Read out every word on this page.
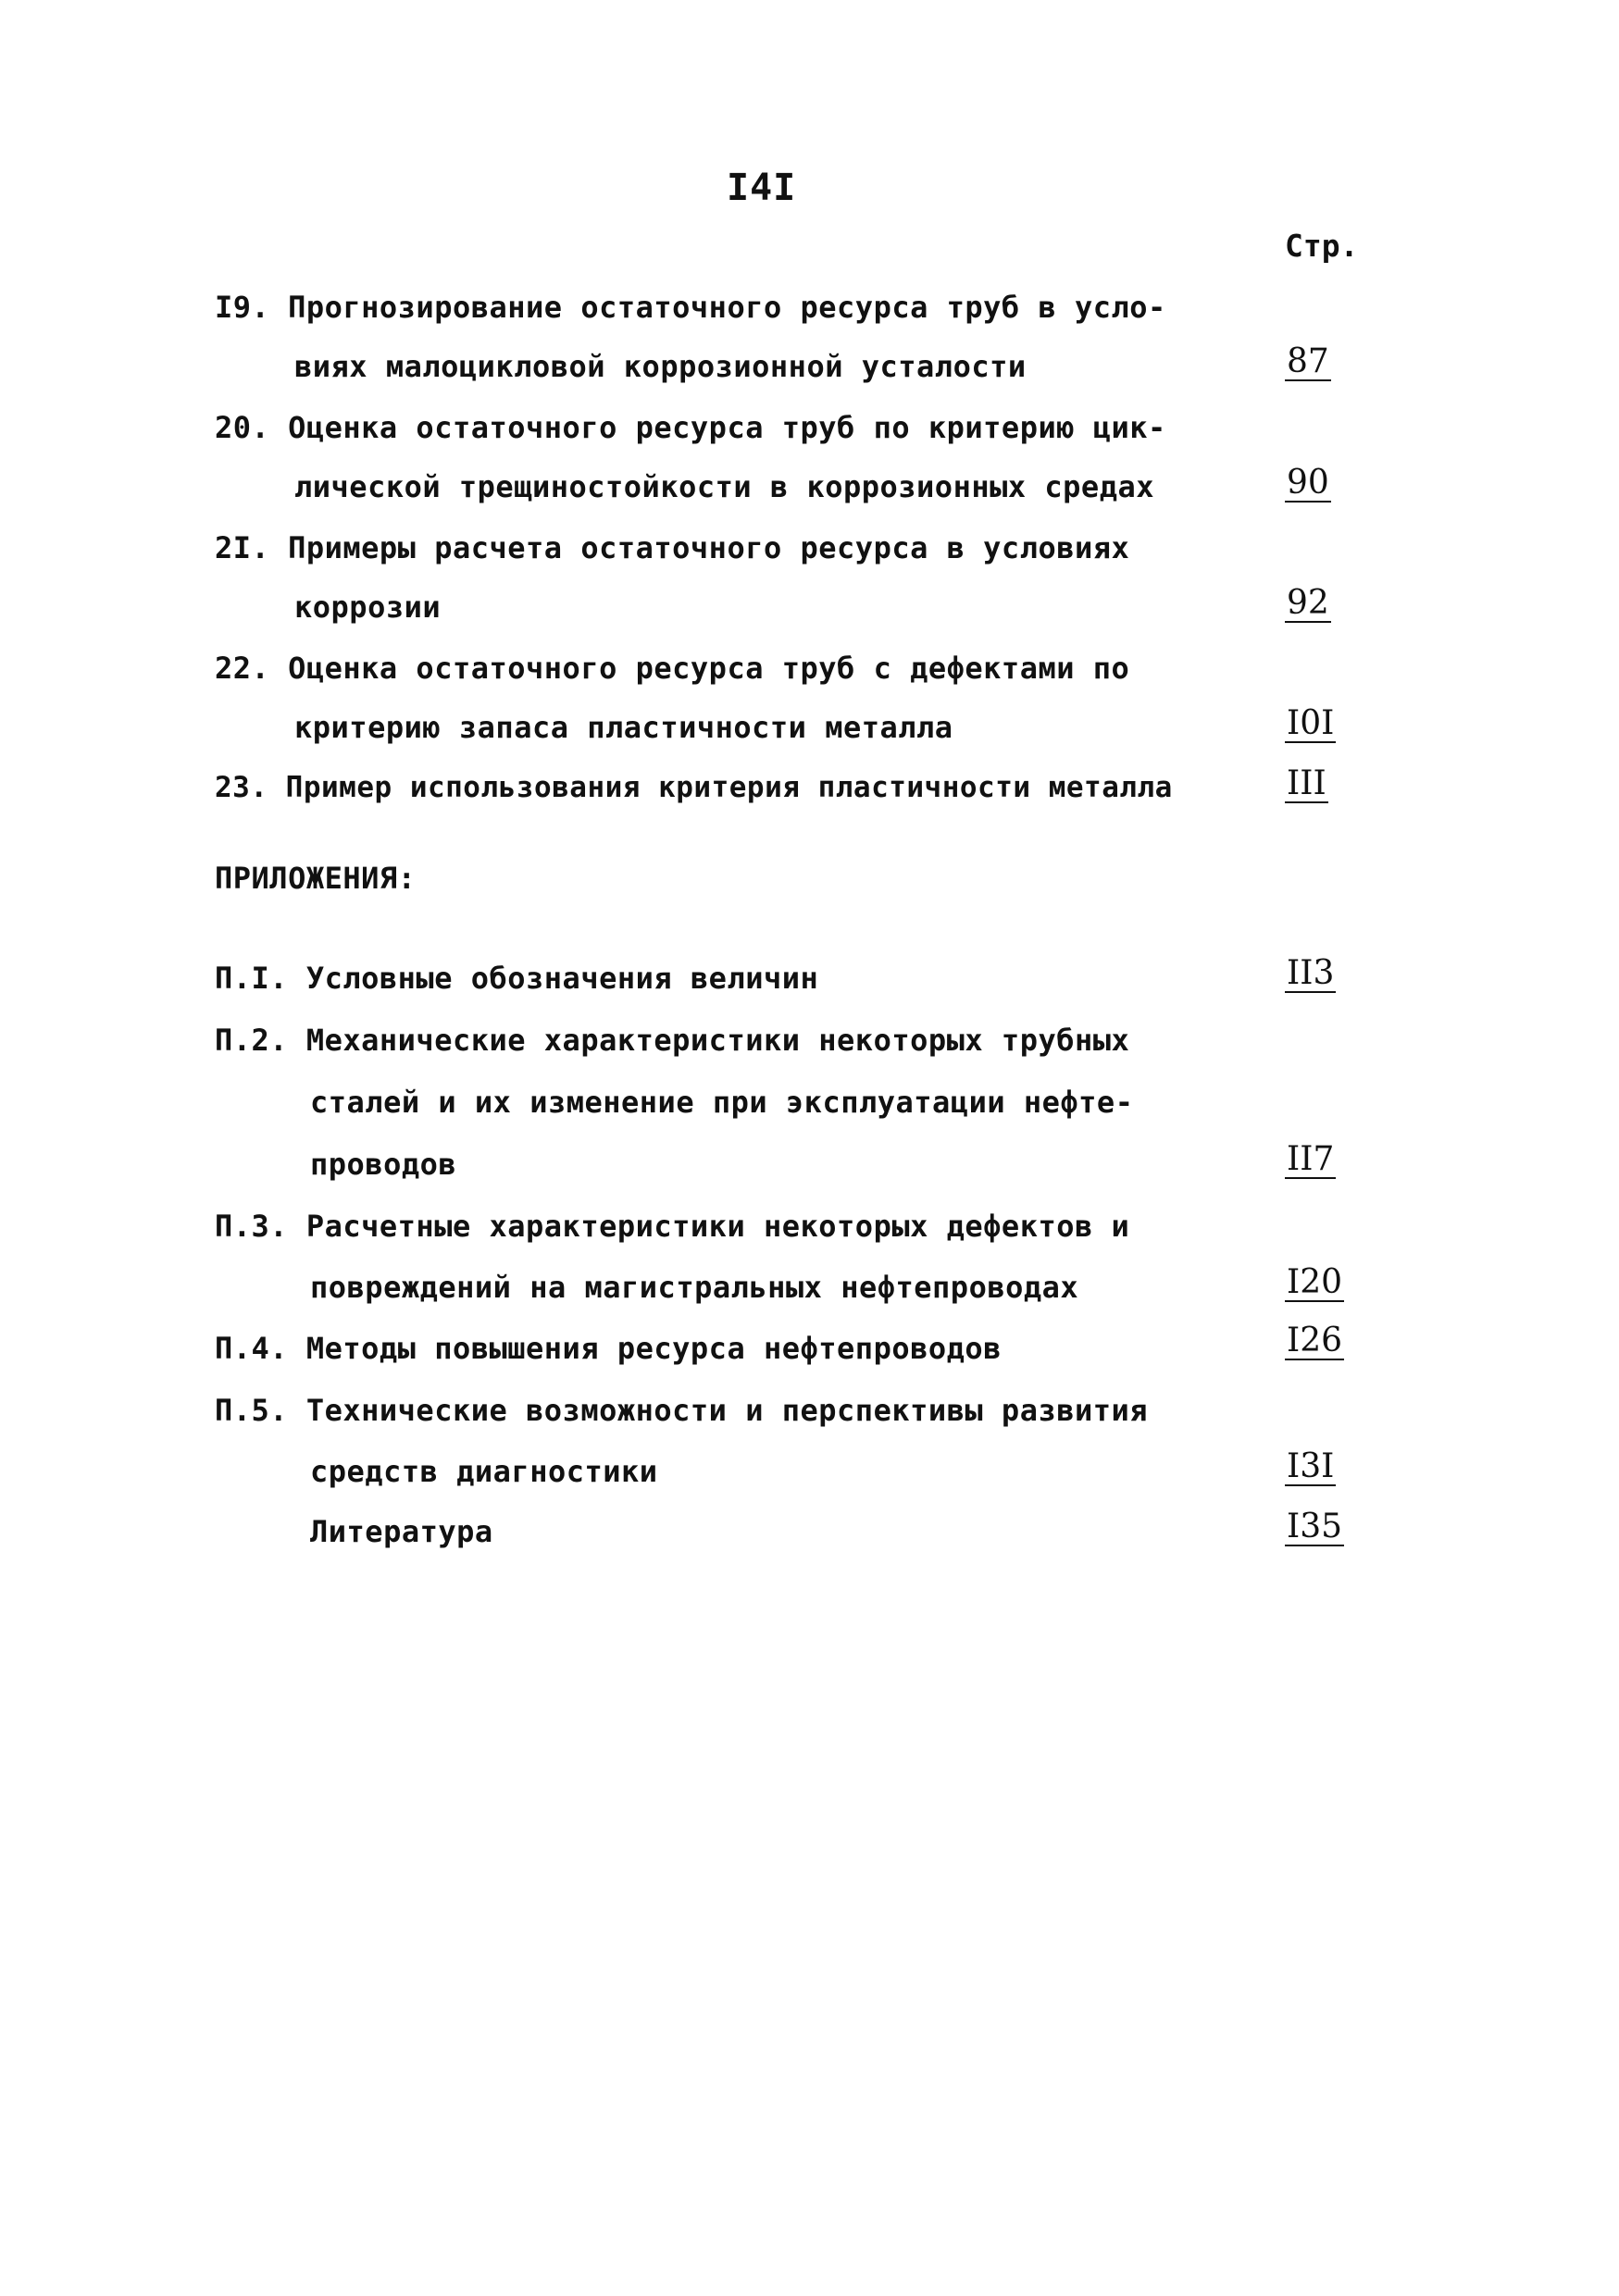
I4I
Стр.
I9. Прогнозирование остаточного ресурса труб в усло-
виях малоцикловой коррозионной усталости	87
20. Оценка остаточного ресурса труб по критерию цик-
лической трещиностойкости в коррозионных средах	90
2I. Примеры расчета остаточного ресурса в условиях
коррозии	92
22. Оценка остаточного ресурса труб с дефектами по
критерию запаса пластичности металла	I0I
23. Пример использования критерия пластичности металла	III
ПРИЛОЖЕНИЯ:
П.I. Условные обозначения величин	II3
П.2. Механические характеристики некоторых трубных
сталей и их изменение при эксплуатации нефте-
проводов	II7
П.3. Расчетные характеристики некоторых дефектов и
повреждений на магистральных нефтепроводах	I20
П.4. Методы повышения ресурса нефтепроводов	I26
П.5. Технические возможности и перспективы развития
средств диагностики	I3I
Литература	I35
